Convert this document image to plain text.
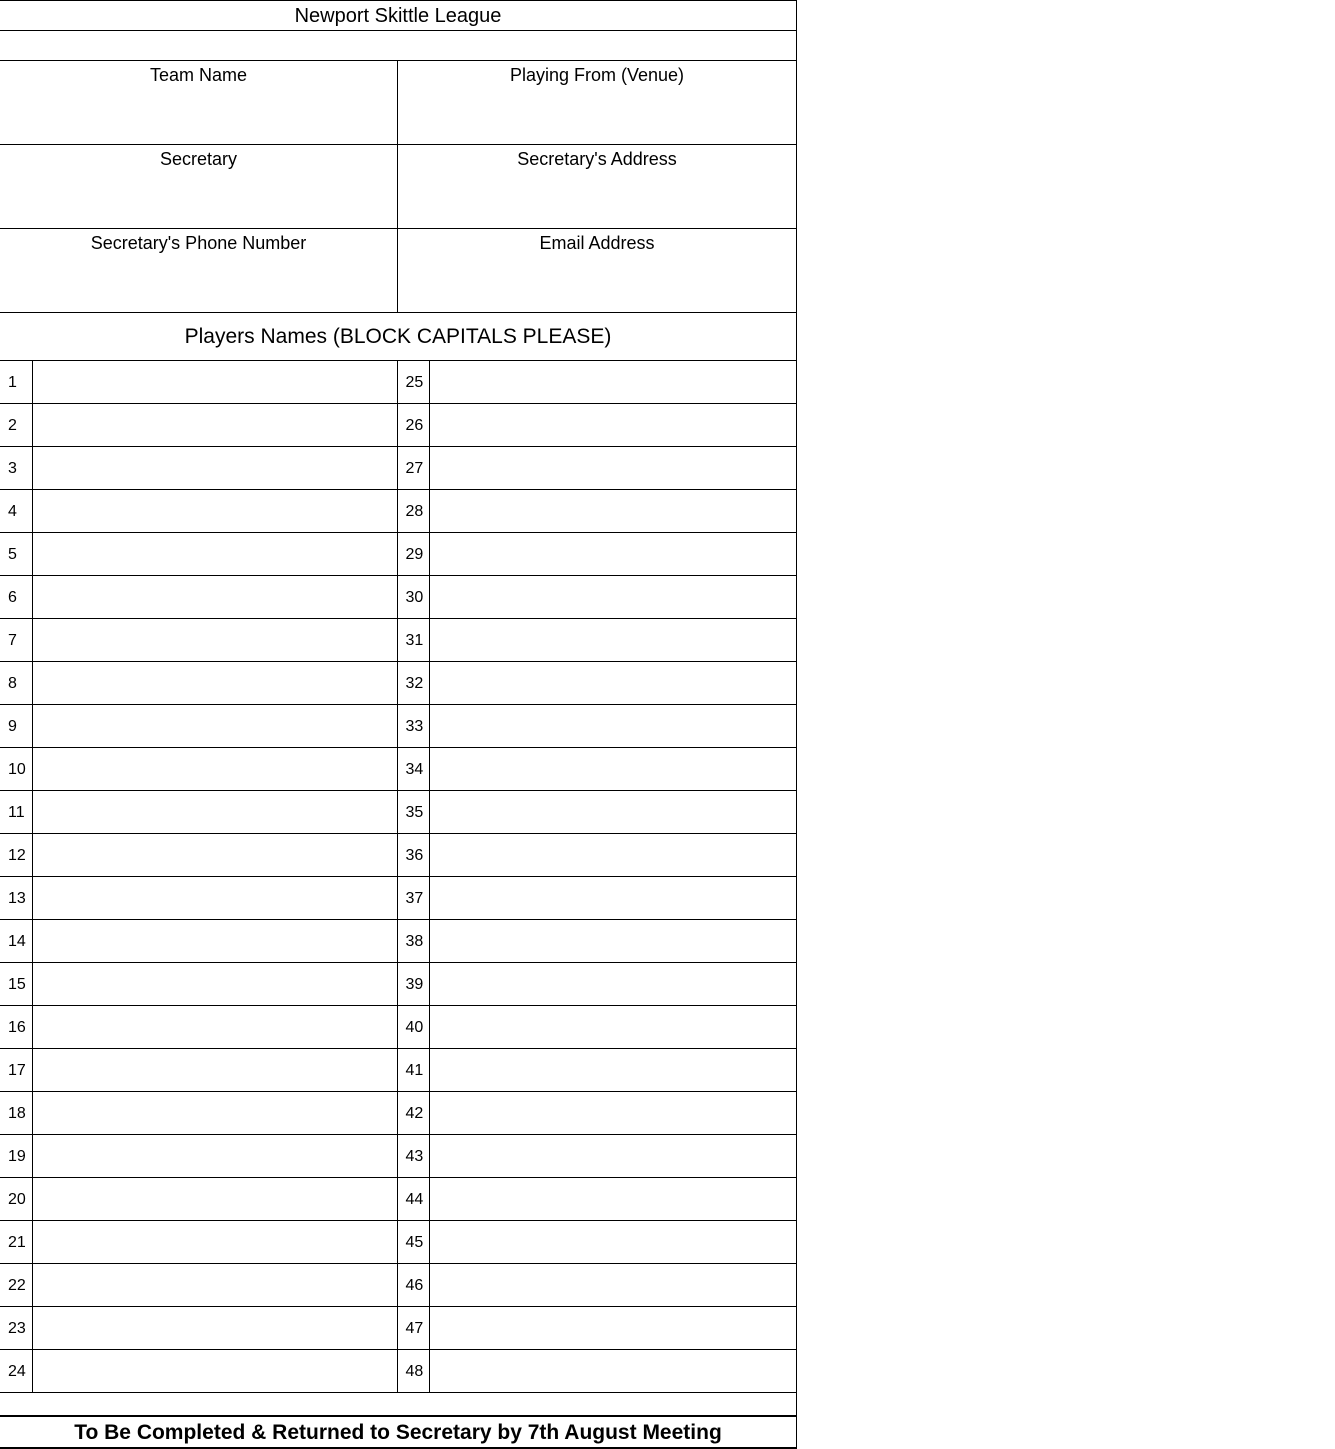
Newport Skittle League
Team Name	Playing From (Venue)
Secretary	Secretary's Address
Secretary's Phone Number	Email Address
Players Names (BLOCK CAPITALS PLEASE)
1	25
2	26
3	27
4	28
5	29
6	30
7	31
8	32
9	33
10	34
11	35
12	36
13	37
14	38
15	39
16	40
17	41
18	42
19	43
20	44
21	45
22	46
23	47
24	48
To Be Completed & Returned to Secretary by 7th August Meeting
